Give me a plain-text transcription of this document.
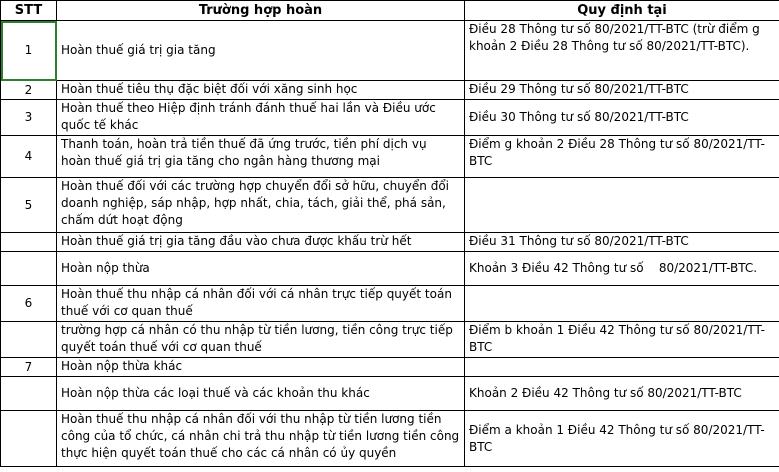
STT	Trường hợp hoàn	Quy định tại
1	Hoàn thuế giá trị gia tăng	Điều 28 Thông tư số 80/2021/TT-BTC (trừ điểm g khoản 2 Điều 28 Thông tư số 80/2021/TT-BTC).
2	Hoàn thuế tiêu thụ đặc biệt đối với xăng sinh học	Điều 29 Thông tư số 80/2021/TT-BTC
3	Hoàn thuế theo Hiệp định tránh đánh thuế hai lần và Điều ước quốc tế khác	Điều 30 Thông tư số 80/2021/TT-BTC
4	Thanh toán, hoàn trả tiền thuế đã ứng trước, tiền phí dịch vụ hoàn thuế giá trị gia tăng cho ngân hàng thương mại	Điểm g khoản 2 Điều 28 Thông tư số 80/2021/TT-BTC
5	Hoàn thuế đối với các trường hợp chuyển đổi sở hữu, chuyển đổi doanh nghiệp, sáp nhập, hợp nhất, chia, tách, giải thể, phá sản, chấm dứt hoạt động	
	Hoàn thuế giá trị gia tăng đầu vào chưa được khấu trừ hết	Điều 31 Thông tư số 80/2021/TT-BTC
	Hoàn nộp thừa	Khoản 3 Điều 42 Thông tư số    80/2021/TT-BTC.
6	Hoàn thuế thu nhập cá nhân đối với cá nhân trực tiếp quyết toán thuế với cơ quan thuế	
	trường hợp cá nhân có thu nhập từ tiền lương, tiền công trực tiếp quyết toán thuế với cơ quan thuế	Điểm b khoản 1 Điều 42 Thông tư số 80/2021/TT-BTC
7	Hoàn nộp thừa khác	
	Hoàn nộp thừa các loại thuế và các khoản thu khác	Khoản 2 Điều 42 Thông tư số 80/2021/TT-BTC
	Hoàn thuế thu nhập cá nhân đối với thu nhập từ tiền lương tiền công của tổ chức, cá nhân chi trả thu nhập từ tiền lương tiền công thực hiện quyết toán thuế cho các cá nhân có ủy quyền	Điểm a khoản 1 Điều 42 Thông tư số 80/2021/TT-BTC
